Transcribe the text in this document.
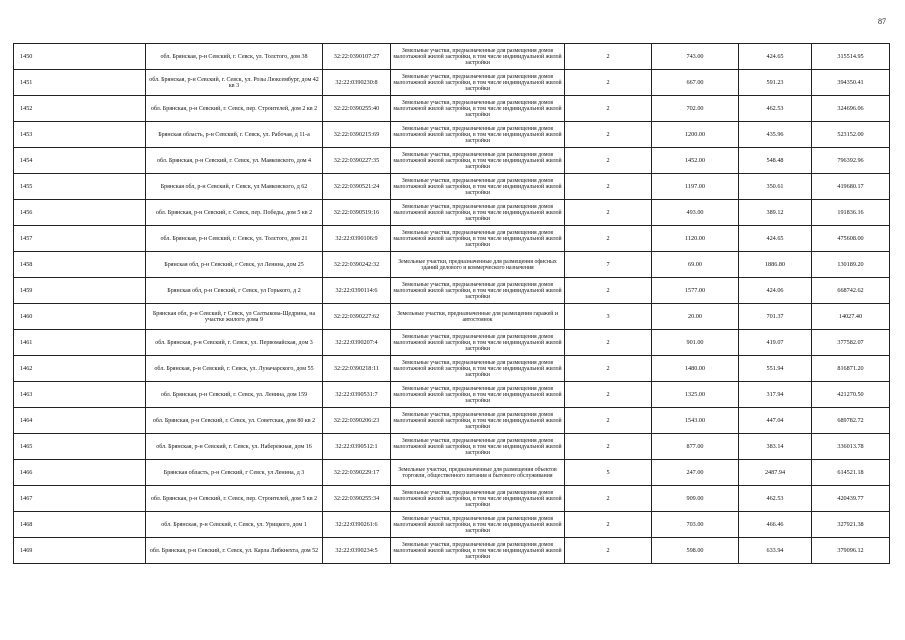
87
1450	обл. Брянская, р-н Севский, г. Севск, ул. Толстого, дом 38	32:22:0390107:27	Земельные участки, предназначенные для размещения домов малоэтажной жилой застройки, в том числе индивидуальной жилой застройки	2	743.00	424.65	315514.95
1451	обл. Брянская, р-н Севский, г. Севск, ул. Розы Люксембург, дом 42 кв 3	32:22:0390230:8	Земельные участки, предназначенные для размещения домов малоэтажной жилой застройки, в том числе индивидуальной жилой застройки	2	667.00	591.23	394350.41
1452	обл. Брянская, р-н Севский, г. Севск, пер. Строителей, дом 2 кв 2	32:22:0390255:40	Земельные участки, предназначенные для размещения домов малоэтажной жилой застройки, в том числе индивидуальной жилой застройки	2	702.00	462.53	324696.06
1453	Брянская область, р-н Севский, г. Севск, ул. Рабочая, д 11-а	32:22:0390215:69	Земельные участки, предназначенные для размещения домов малоэтажной жилой застройки, в том числе индивидуальной жилой застройки	2	1200.00	435.96	523152.00
1454	обл. Брянская, р-н Севский, г. Севск, ул. Маяковского, дом 4	32:22:0390227:35	Земельные участки, предназначенные для размещения домов малоэтажной жилой застройки, в том числе индивидуальной жилой застройки	2	1452.00	548.48	796392.96
1455	Брянская обл, р-н Севский, г Севск, ул Маяковского, д 62	32:22:0390521:24	Земельные участки, предназначенные для размещения домов малоэтажной жилой застройки, в том числе индивидуальной жилой застройки	2	1197.00	350.61	419680.17
1456	обл. Брянская, р-н Севский, г. Севск, пер. Победы, дом 5 кв 2	32:22:0390519:16	Земельные участки, предназначенные для размещения домов малоэтажной жилой застройки, в том числе индивидуальной жилой застройки	2	493.00	389.12	191836.16
1457	обл. Брянская, р-н Севский, г. Севск, ул. Толстого, дом 21	32:22:0390106:9	Земельные участки, предназначенные для размещения домов малоэтажной жилой застройки, в том числе индивидуальной жилой застройки	2	1120.00	424.65	475608.00
1458	Брянская обл, р-н Севский, г Севск, ул Ленина, дом 25	32:22:0390242:32	Земельные участки, предназначенные для размещения офисных зданий делового и коммерческого назначения	7	69.00	1886.80	130189.20
1459	Брянская обл, р-н Севский, г Севск, ул Горького, д 2	32:22:0390114:6	Земельные участки, предназначенные для размещения домов малоэтажной жилой застройки, в том числе индивидуальной жилой застройки	2	1577.00	424.06	668742.62
1460	Брянская обл, р-н Севский, г Севск, ул Салтыкова-Щедрина, на участке жилого дома 9	32:22:0390227:62	Земельные участки, предназначенные для размещения гаражей и автостоянок	3	20.00	701.37	14027.40
1461	обл. Брянская, р-н Севский, г. Севск, ул. Первомайская, дом 3	32:22:0390207:4	Земельные участки, предназначенные для размещения домов малоэтажной жилой застройки, в том числе индивидуальной жилой застройки	2	901.00	419.07	377582.07
1462	обл. Брянская, р-н Севский, г. Севск, ул. Луначарского, дом 55	32:22:0390218:11	Земельные участки, предназначенные для размещения домов малоэтажной жилой застройки, в том числе индивидуальной жилой застройки	2	1480.00	551.94	816871.20
1463	обл. Брянская, р-н Севский, г. Севск, ул. Ленина, дом 159	32:22:0390531:7	Земельные участки, предназначенные для размещения домов малоэтажной жилой застройки, в том числе индивидуальной жилой застройки	2	1325.00	317.94	421270.50
1464	обл. Брянская, р-н Севский, г. Севск, ул. Советская, дом 80 кв 2	32:22:0390206:23	Земельные участки, предназначенные для размещения домов малоэтажной жилой застройки, в том числе индивидуальной жилой застройки	2	1543.00	447.04	689782.72
1465	обл. Брянская, р-н Севский, г. Севск, ул. Набережная, дом 16	32:22:0390512:1	Земельные участки, предназначенные для размещения домов малоэтажной жилой застройки, в том числе индивидуальной жилой застройки	2	877.00	383.14	336013.78
1466	Брянская область, р-н Севский, г Севск, ул Ленина, д 3	32:22:0390229:17	Земельные участки, предназначенные для размещения объектов торговли, общественного питания и бытового обслуживания	5	247.00	2487.94	614521.18
1467	обл. Брянская, р-н Севский, г. Севск, пер. Строителей, дом 5 кв 2	32:22:0390255:34	Земельные участки, предназначенные для размещения домов малоэтажной жилой застройки, в том числе индивидуальной жилой застройки	2	909.00	462.53	420439.77
1468	обл. Брянская, р-н Севский, г. Севск, ул. Урицкого, дом 1	32:22:0390261:6	Земельные участки, предназначенные для размещения домов малоэтажной жилой застройки, в том числе индивидуальной жилой застройки	2	703.00	466.46	327921.38
1469	обл. Брянская, р-н Севский, г. Севск, ул. Карла Либкнехта, дом 52	32:22:0390234:5	Земельные участки, предназначенные для размещения домов малоэтажной жилой застройки, в том числе индивидуальной жилой застройки	2	598.00	633.94	379096.12
